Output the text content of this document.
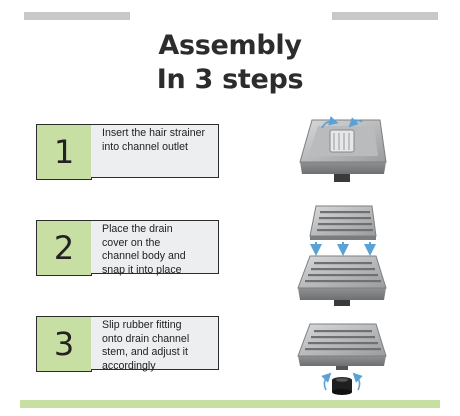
Assembly
In 3 steps
1	Insert the hair strainer
into channel outlet
2	Place the drain
cover on the
channel body and
snap it into place
3	Slip rubber fitting
onto drain channel
stem, and adjust it
accordingly
